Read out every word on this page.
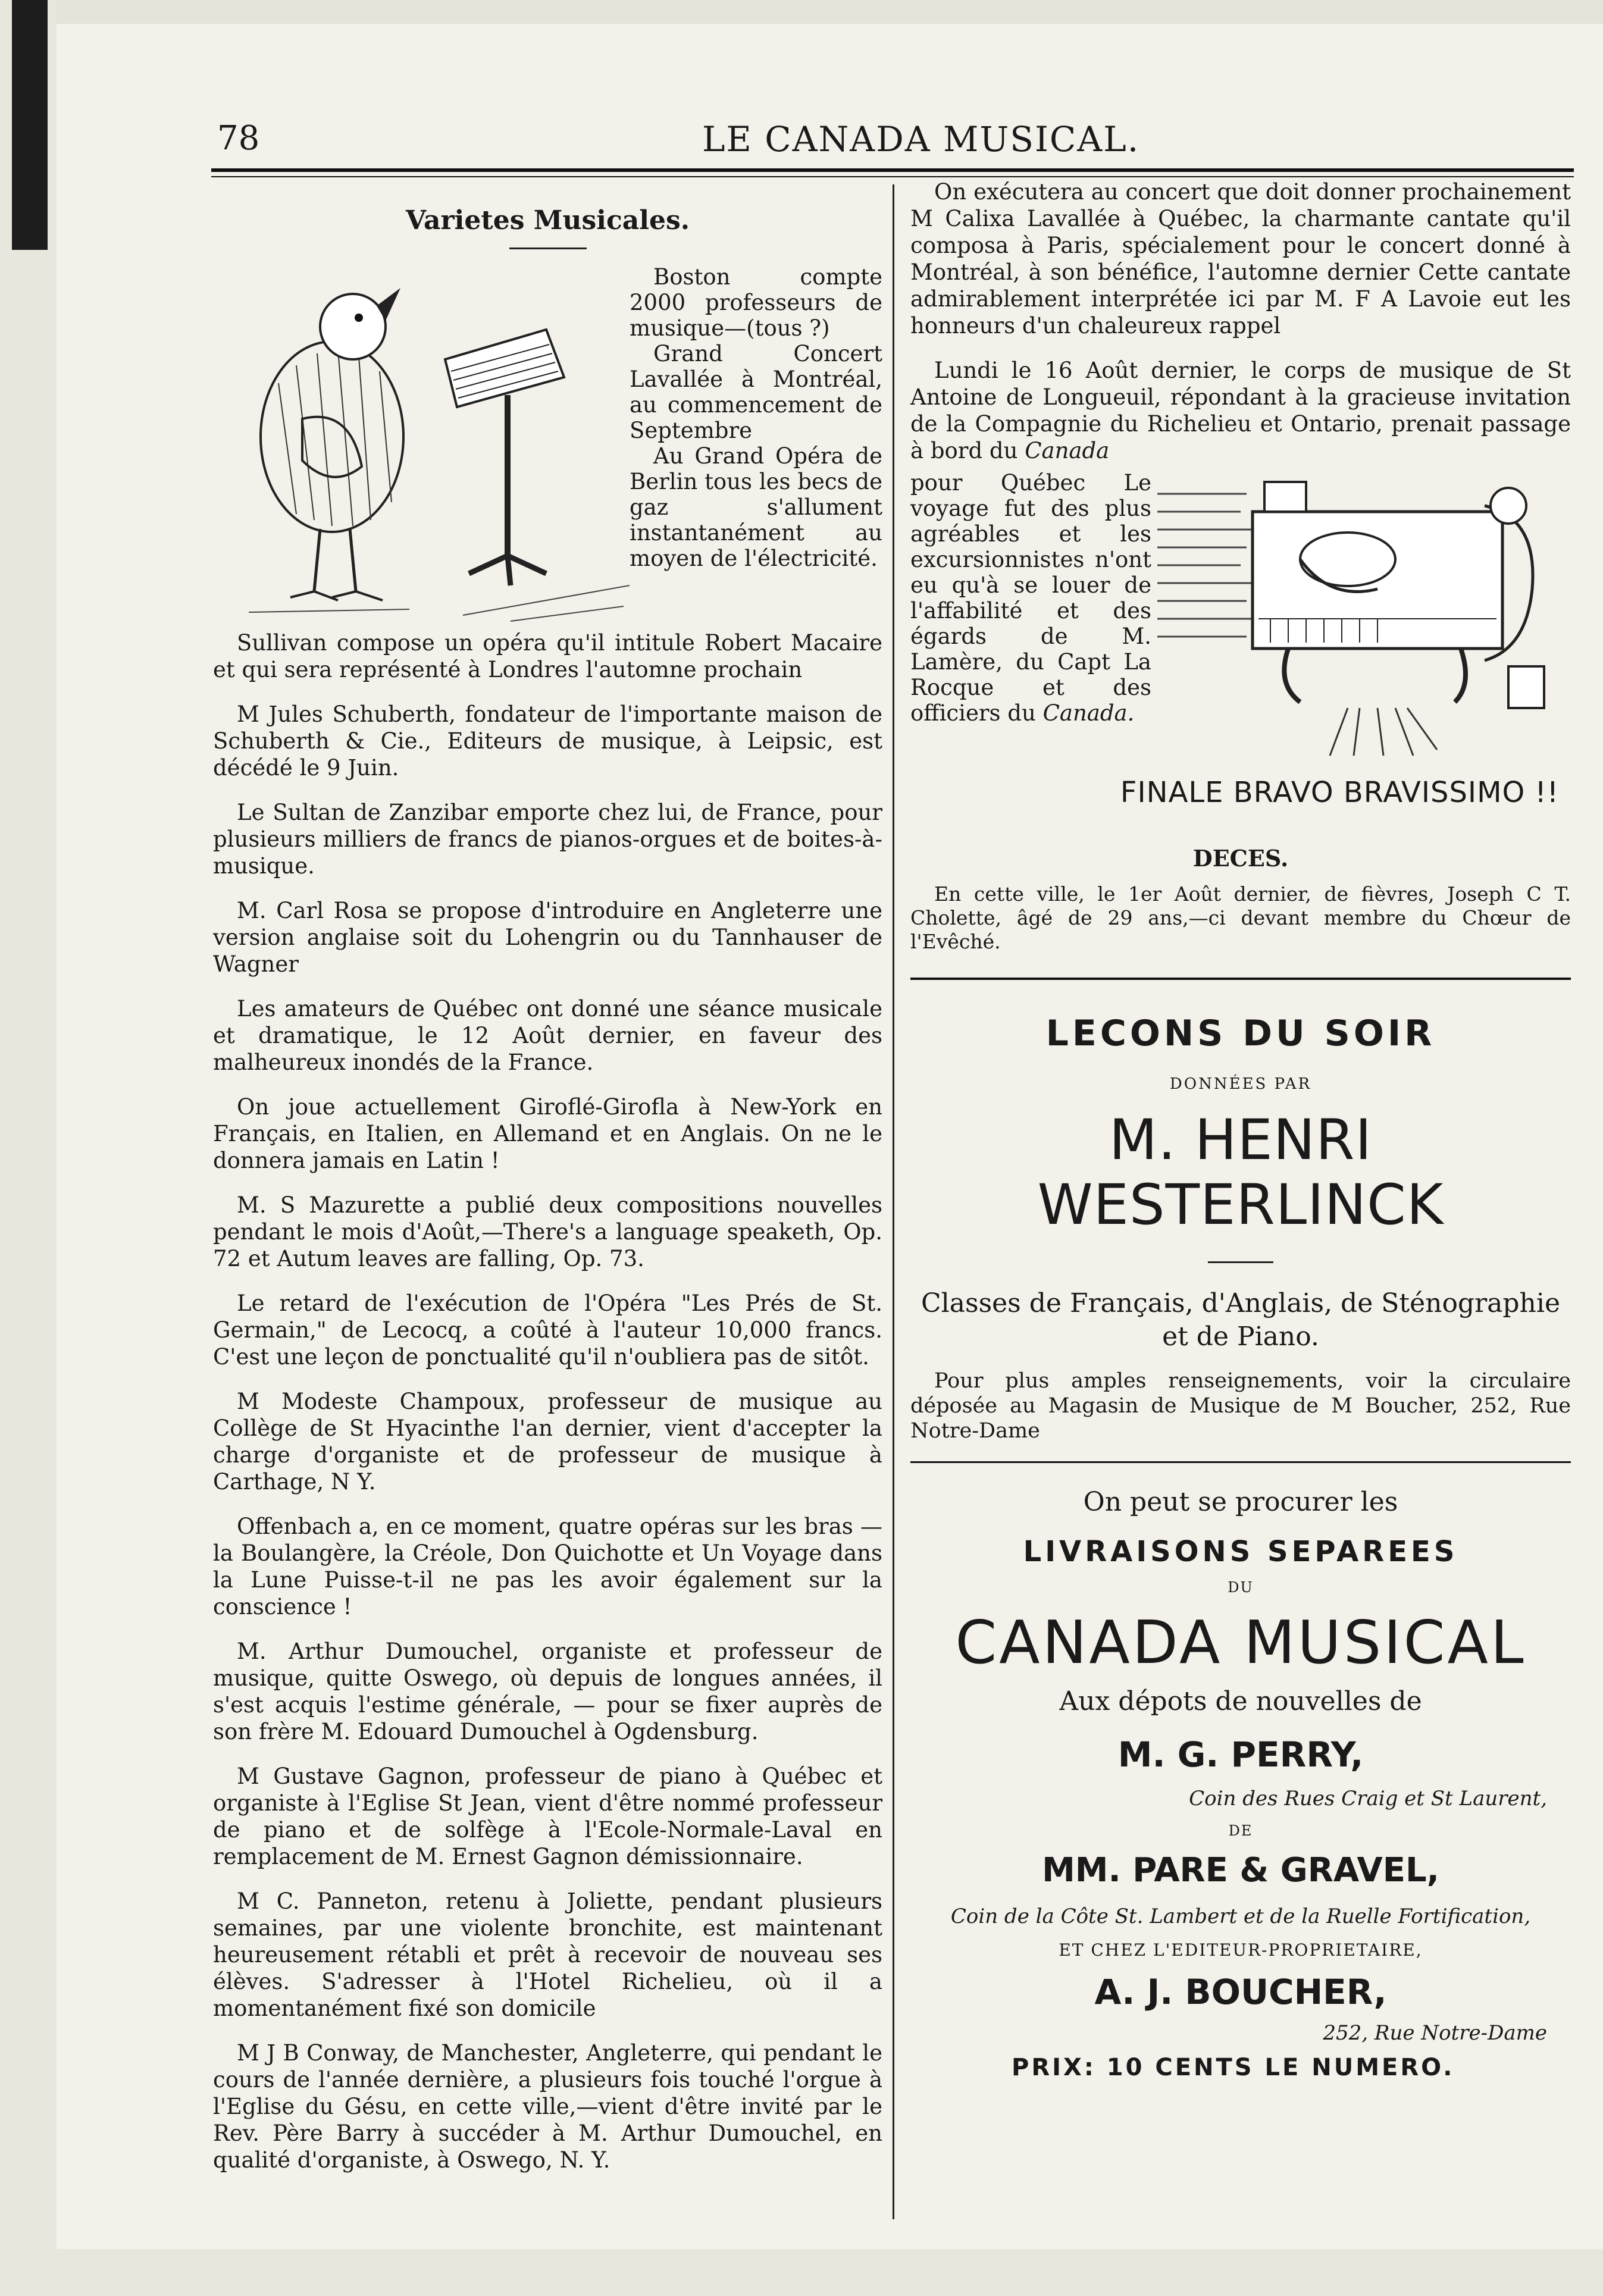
78	LE CANADA MUSICAL.
Varietes Musicales.

Boston compte 2000 professeurs de musique—(tous ?)

Grand Concert Lavallée à Montréal, au commencement de Septembre

Au Grand Opéra de Berlin tous les becs de gaz s'allument instantanément au moyen de l'électricité.

Sullivan compose un opéra qu'il intitule Robert Macaire et qui sera représenté à Londres l'automne prochain

M Jules Schuberth, fondateur de l'importante maison de Schuberth & Cie., Editeurs de musique, à Leipsic, est décédé le 9 Juin.

Le Sultan de Zanzibar emporte chez lui, de France, pour plusieurs milliers de francs de pianos-orgues et de boites-à-musique.

M. Carl Rosa se propose d'introduire en Angleterre une version anglaise soit du Lohengrin ou du Tannhauser de Wagner

Les amateurs de Québec ont donné une séance musicale et dramatique, le 12 Août dernier, en faveur des malheureux inondés de la France.

On joue actuellement Giroflé-Girofla à New-York en Français, en Italien, en Allemand et en Anglais. On ne le donnera jamais en Latin !

M. S Mazurette a publié deux compositions nouvelles pendant le mois d'Août,—There's a language speaketh, Op. 72 et Autum leaves are falling, Op. 73.

Le retard de l'exécution de l'Opéra "Les Prés de St. Germain," de Lecocq, a coûté à l'auteur 10,000 francs. C'est une leçon de ponctualité qu'il n'oubliera pas de sitôt.

M Modeste Champoux, professeur de musique au Collège de St Hyacinthe l'an dernier, vient d'accepter la charge d'organiste et de professeur de musique à Carthage, N Y.

Offenbach a, en ce moment, quatre opéras sur les bras — la Boulangère, la Créole, Don Quichotte et Un Voyage dans la Lune Puisse-t-il ne pas les avoir également sur la conscience !

M. Arthur Dumouchel, organiste et professeur de musique, quitte Oswego, où depuis de longues années, il s'est acquis l'estime générale, — pour se fixer auprès de son frère M. Edouard Dumouchel à Ogdensburg.

M Gustave Gagnon, professeur de piano à Québec et organiste à l'Eglise St Jean, vient d'être nommé professeur de piano et de solfège à l'Ecole-Normale-Laval en remplacement de M. Ernest Gagnon démissionnaire.

M C. Panneton, retenu à Joliette, pendant plusieurs semaines, par une violente bronchite, est maintenant heureusement rétabli et prêt à recevoir de nouveau ses élèves. S'adresser à l'Hotel Richelieu, où il a momentanément fixé son domicile

M J B Conway, de Manchester, Angleterre, qui pendant le cours de l'année dernière, a plusieurs fois touché l'orgue à l'Eglise du Gésu, en cette ville,—vient d'être invité par le Rev. Père Barry à succéder à M. Arthur Dumouchel, en qualité d'organiste, à Oswego, N. Y.

On exécutera au concert que doit donner prochainement M Calixa Lavallée à Québec, la charmante cantate qu'il composa à Paris, spécialement pour le concert donné à Montréal, à son bénéfice, l'automne dernier Cette cantate admirablement interprétée ici par M. F A Lavoie eut les honneurs d'un chaleureux rappel

Lundi le 16 Août dernier, le corps de musique de St Antoine de Longueuil, répondant à la gracieuse invitation de la Compagnie du Richelieu et Ontario, prenait passage à bord du Canada

pour Québec Le voyage fut des plus agréables et les excursionnistes n'ont eu qu'à se louer de l'affabilité et des égards de M. Lamère, du Capt La Rocque et des officiers du Canada.

FINALE BRAVO BRAVISSIMO !!
DECES.

En cette ville, le 1er Août dernier, de fièvres, Joseph C T. Cholette, âgé de 29 ans,—ci devant membre du Chœur de l'Evêché.

LECONS DU SOIR
DONNÉES PAR
M. HENRI WESTERLINCK
Classes de Français, d'Anglais, de Sténographie et de Piano.

Pour plus amples renseignements, voir la circulaire déposée au Magasin de Musique de M Boucher, 252, Rue Notre-Dame

On peut se procurer les
LIVRAISONS SEPAREES
DU
CANADA MUSICAL
Aux dépots de nouvelles de
M. G. PERRY,
Coin des Rues Craig et St Laurent,
DE
MM. PARE & GRAVEL,
Coin de la Côte St. Lambert et de la Ruelle Fortification,
ET CHEZ L'EDITEUR-PROPRIETAIRE,
A. J. BOUCHER,
252, Rue Notre-Dame
PRIX: 10 CENTS LE NUMERO.
